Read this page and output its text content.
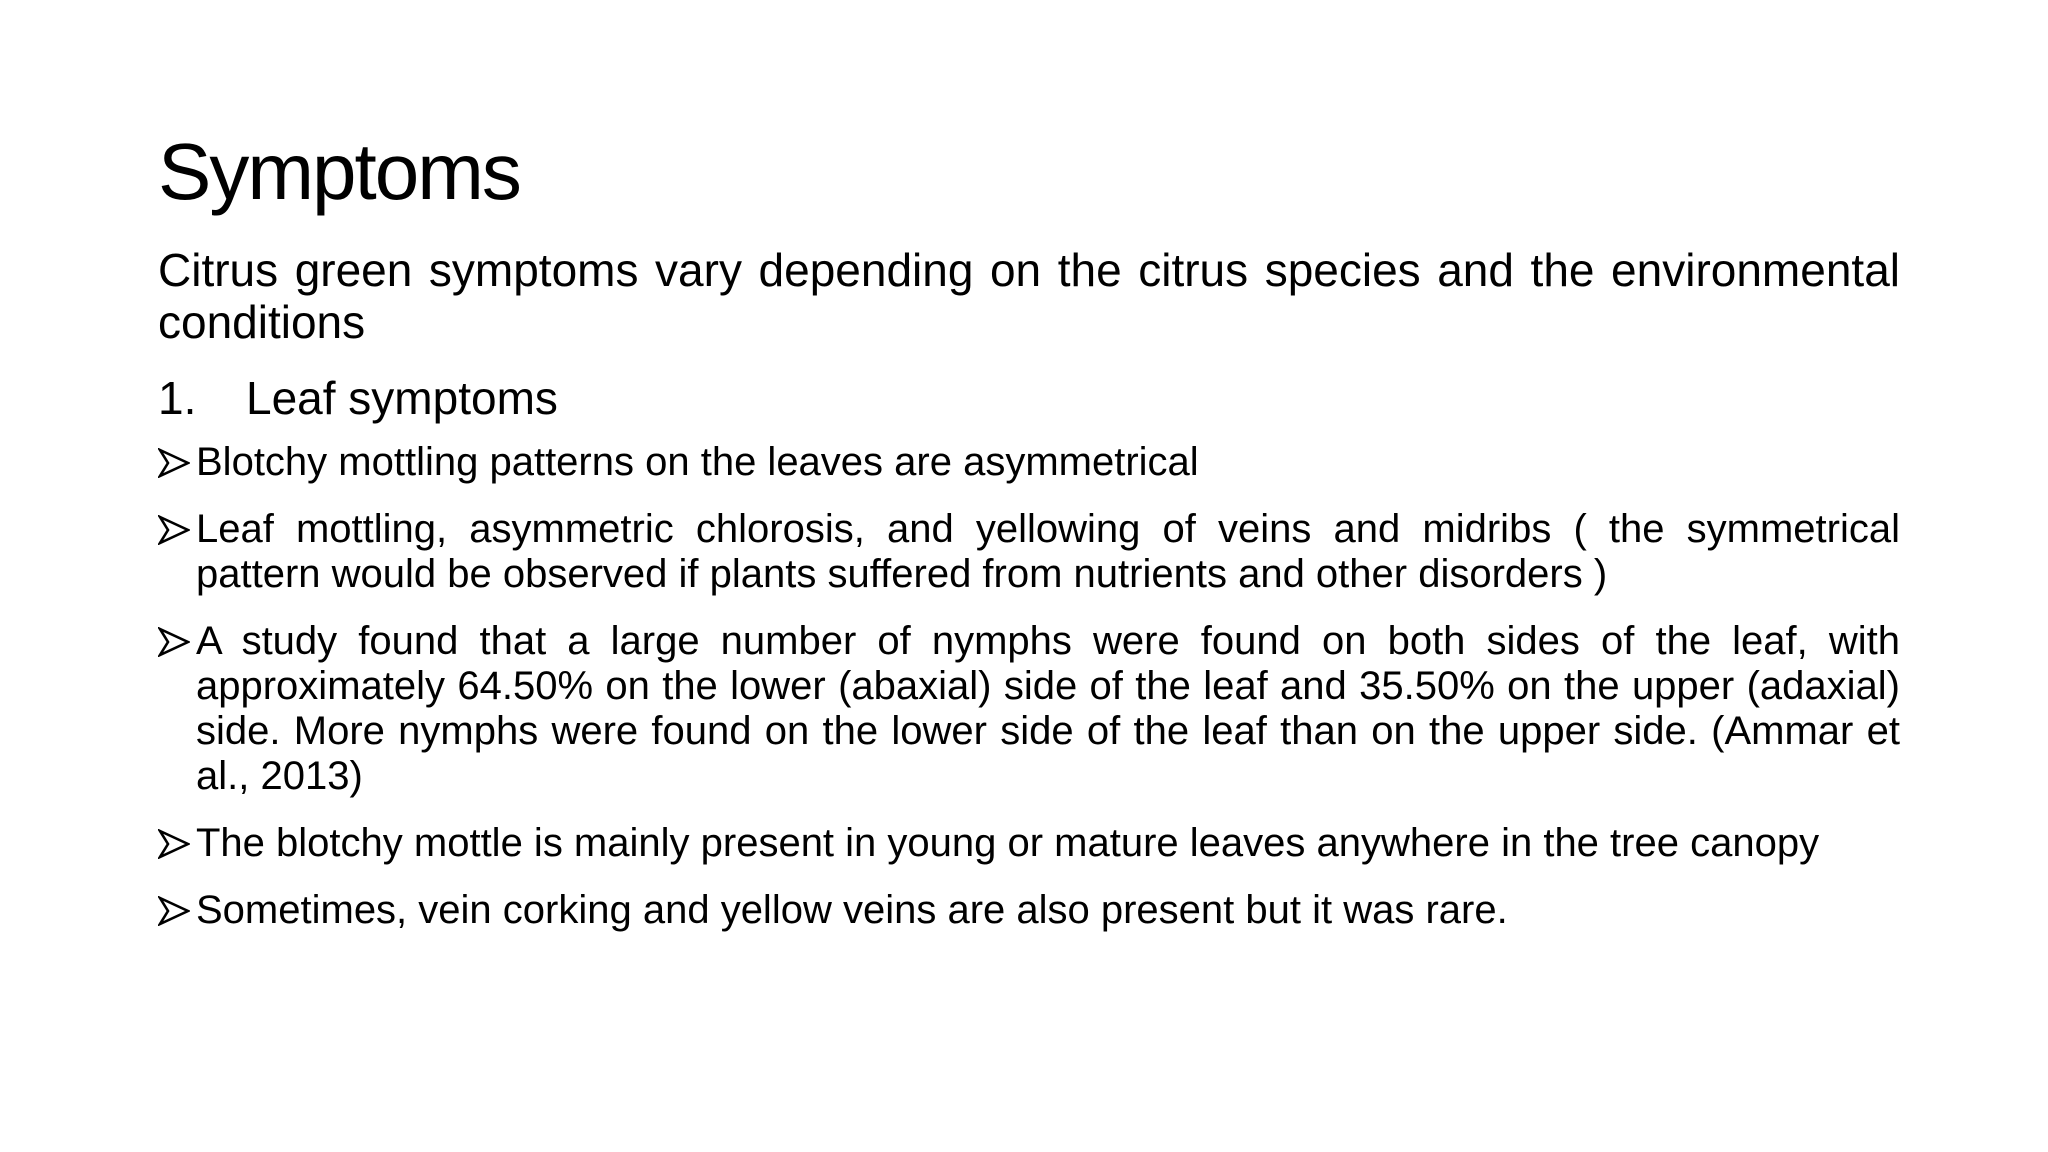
Symptoms

Citrus green symptoms vary depending on the citrus species and the environmental conditions

1.	Leaf symptoms
Blotchy mottling patterns on the leaves are asymmetrical
Leaf mottling, asymmetric chlorosis, and yellowing of veins and midribs ( the symmetrical pattern would be observed if plants suffered from nutrients and other disorders )
A study found that a large number of nymphs were found on both sides of the leaf, with approximately 64.50% on the lower (abaxial) side of the leaf and 35.50% on the upper (adaxial) side. More nymphs were found on the lower side of the leaf than on the upper side. (Ammar et al., 2013)
The blotchy mottle is mainly present in young or mature leaves anywhere in the tree canopy
Sometimes, vein corking and yellow veins are also present but it was rare.
